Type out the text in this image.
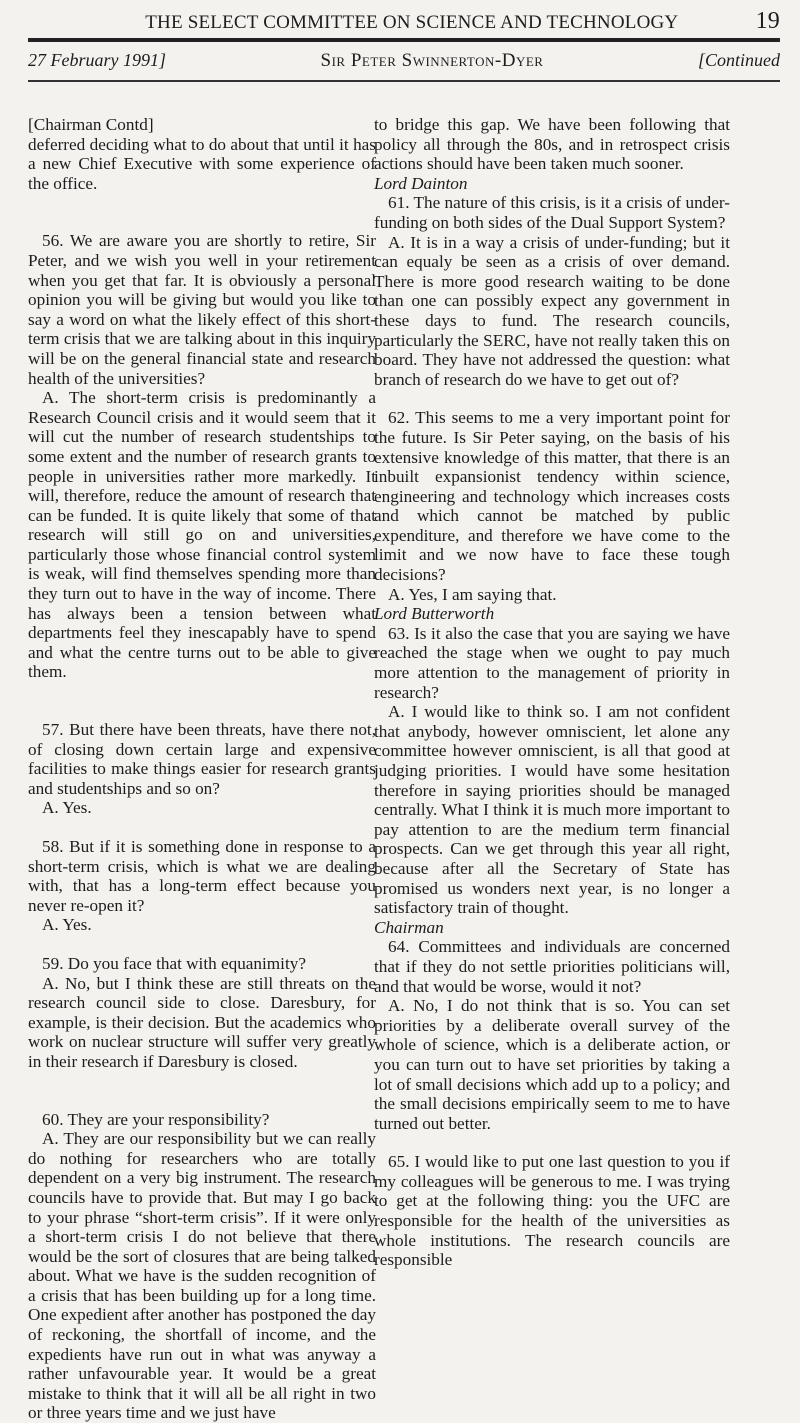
THE SELECT COMMITTEE ON SCIENCE AND TECHNOLOGY	19
27 February 1991]	Sir Peter Swinnerton-Dyer	[Continued

[Chairman Contd]

deferred deciding what to do about that until it has a new Chief Executive with some experience of the office.

56. We are aware you are shortly to retire, Sir Peter, and we wish you well in your retirement when you get that far. It is obviously a personal opinion you will be giving but would you like to say a word on what the likely effect of this short-term crisis that we are talking about in this inquiry will be on the general financial state and research health of the universities?

A. The short-term crisis is predominantly a Research Council crisis and it would seem that it will cut the number of research studentships to some extent and the number of research grants to people in universities rather more markedly. It will, therefore, reduce the amount of research that can be funded. It is quite likely that some of that research will still go on and universities, particularly those whose financial control system is weak, will find themselves spending more than they turn out to have in the way of income. There has always been a tension between what departments feel they inescapably have to spend and what the centre turns out to be able to give them.

57. But there have been threats, have there not, of closing down certain large and expensive facilities to make things easier for research grants and studentships and so on?

A. Yes.

58. But if it is something done in response to a short-term crisis, which is what we are dealing with, that has a long-term effect because you never re-open it?

A. Yes.

59. Do you face that with equanimity?

A. No, but I think these are still threats on the research council side to close. Daresbury, for example, is their decision. But the academics who work on nuclear structure will suffer very greatly in their research if Daresbury is closed.

60. They are your responsibility?

A. They are our responsibility but we can really do nothing for researchers who are totally dependent on a very big instrument. The research councils have to provide that. But may I go back to your phrase “short-term crisis”. If it were only a short-term crisis I do not believe that there would be the sort of closures that are being talked about. What we have is the sudden recognition of a crisis that has been building up for a long time. One expedient after another has postponed the day of reckoning, the shortfall of income, and the expedients have run out in what was anyway a rather unfavourable year. It would be a great mistake to think that it will all be all right in two or three years time and we just have

to bridge this gap. We have been following that policy all through the 80s, and in retrospect crisis actions should have been taken much sooner.

Lord Dainton

61. The nature of this crisis, is it a crisis of under-funding on both sides of the Dual Support System?

A. It is in a way a crisis of under-funding; but it can equaly be seen as a crisis of over demand. There is more good research waiting to be done than one can possibly expect any government in these days to fund. The research councils, particularly the SERC, have not really taken this on board. They have not addressed the question: what branch of research do we have to get out of?

62. This seems to me a very important point for the future. Is Sir Peter saying, on the basis of his extensive knowledge of this matter, that there is an inbuilt expansionist tendency within science, engineering and technology which increases costs and which cannot be matched by public expenditure, and therefore we have come to the limit and we now have to face these tough decisions?

A. Yes, I am saying that.

Lord Butterworth

63. Is it also the case that you are saying we have reached the stage when we ought to pay much more attention to the management of priority in research?

A. I would like to think so. I am not confident that anybody, however omniscient, let alone any committee however omniscient, is all that good at judging priorities. I would have some hesitation therefore in saying priorities should be managed centrally. What I think it is much more important to pay attention to are the medium term financial prospects. Can we get through this year all right, because after all the Secretary of State has promised us wonders next year, is no longer a satisfactory train of thought.

Chairman

64. Committees and individuals are concerned that if they do not settle priorities politicians will, and that would be worse, would it not?

A. No, I do not think that is so. You can set priorities by a deliberate overall survey of the whole of science, which is a deliberate action, or you can turn out to have set priorities by taking a lot of small decisions which add up to a policy; and the small decisions empirically seem to me to have turned out better.

65. I would like to put one last question to you if my colleagues will be generous to me. I was trying to get at the following thing: you the UFC are responsible for the health of the universities as whole institutions. The research councils are responsible
